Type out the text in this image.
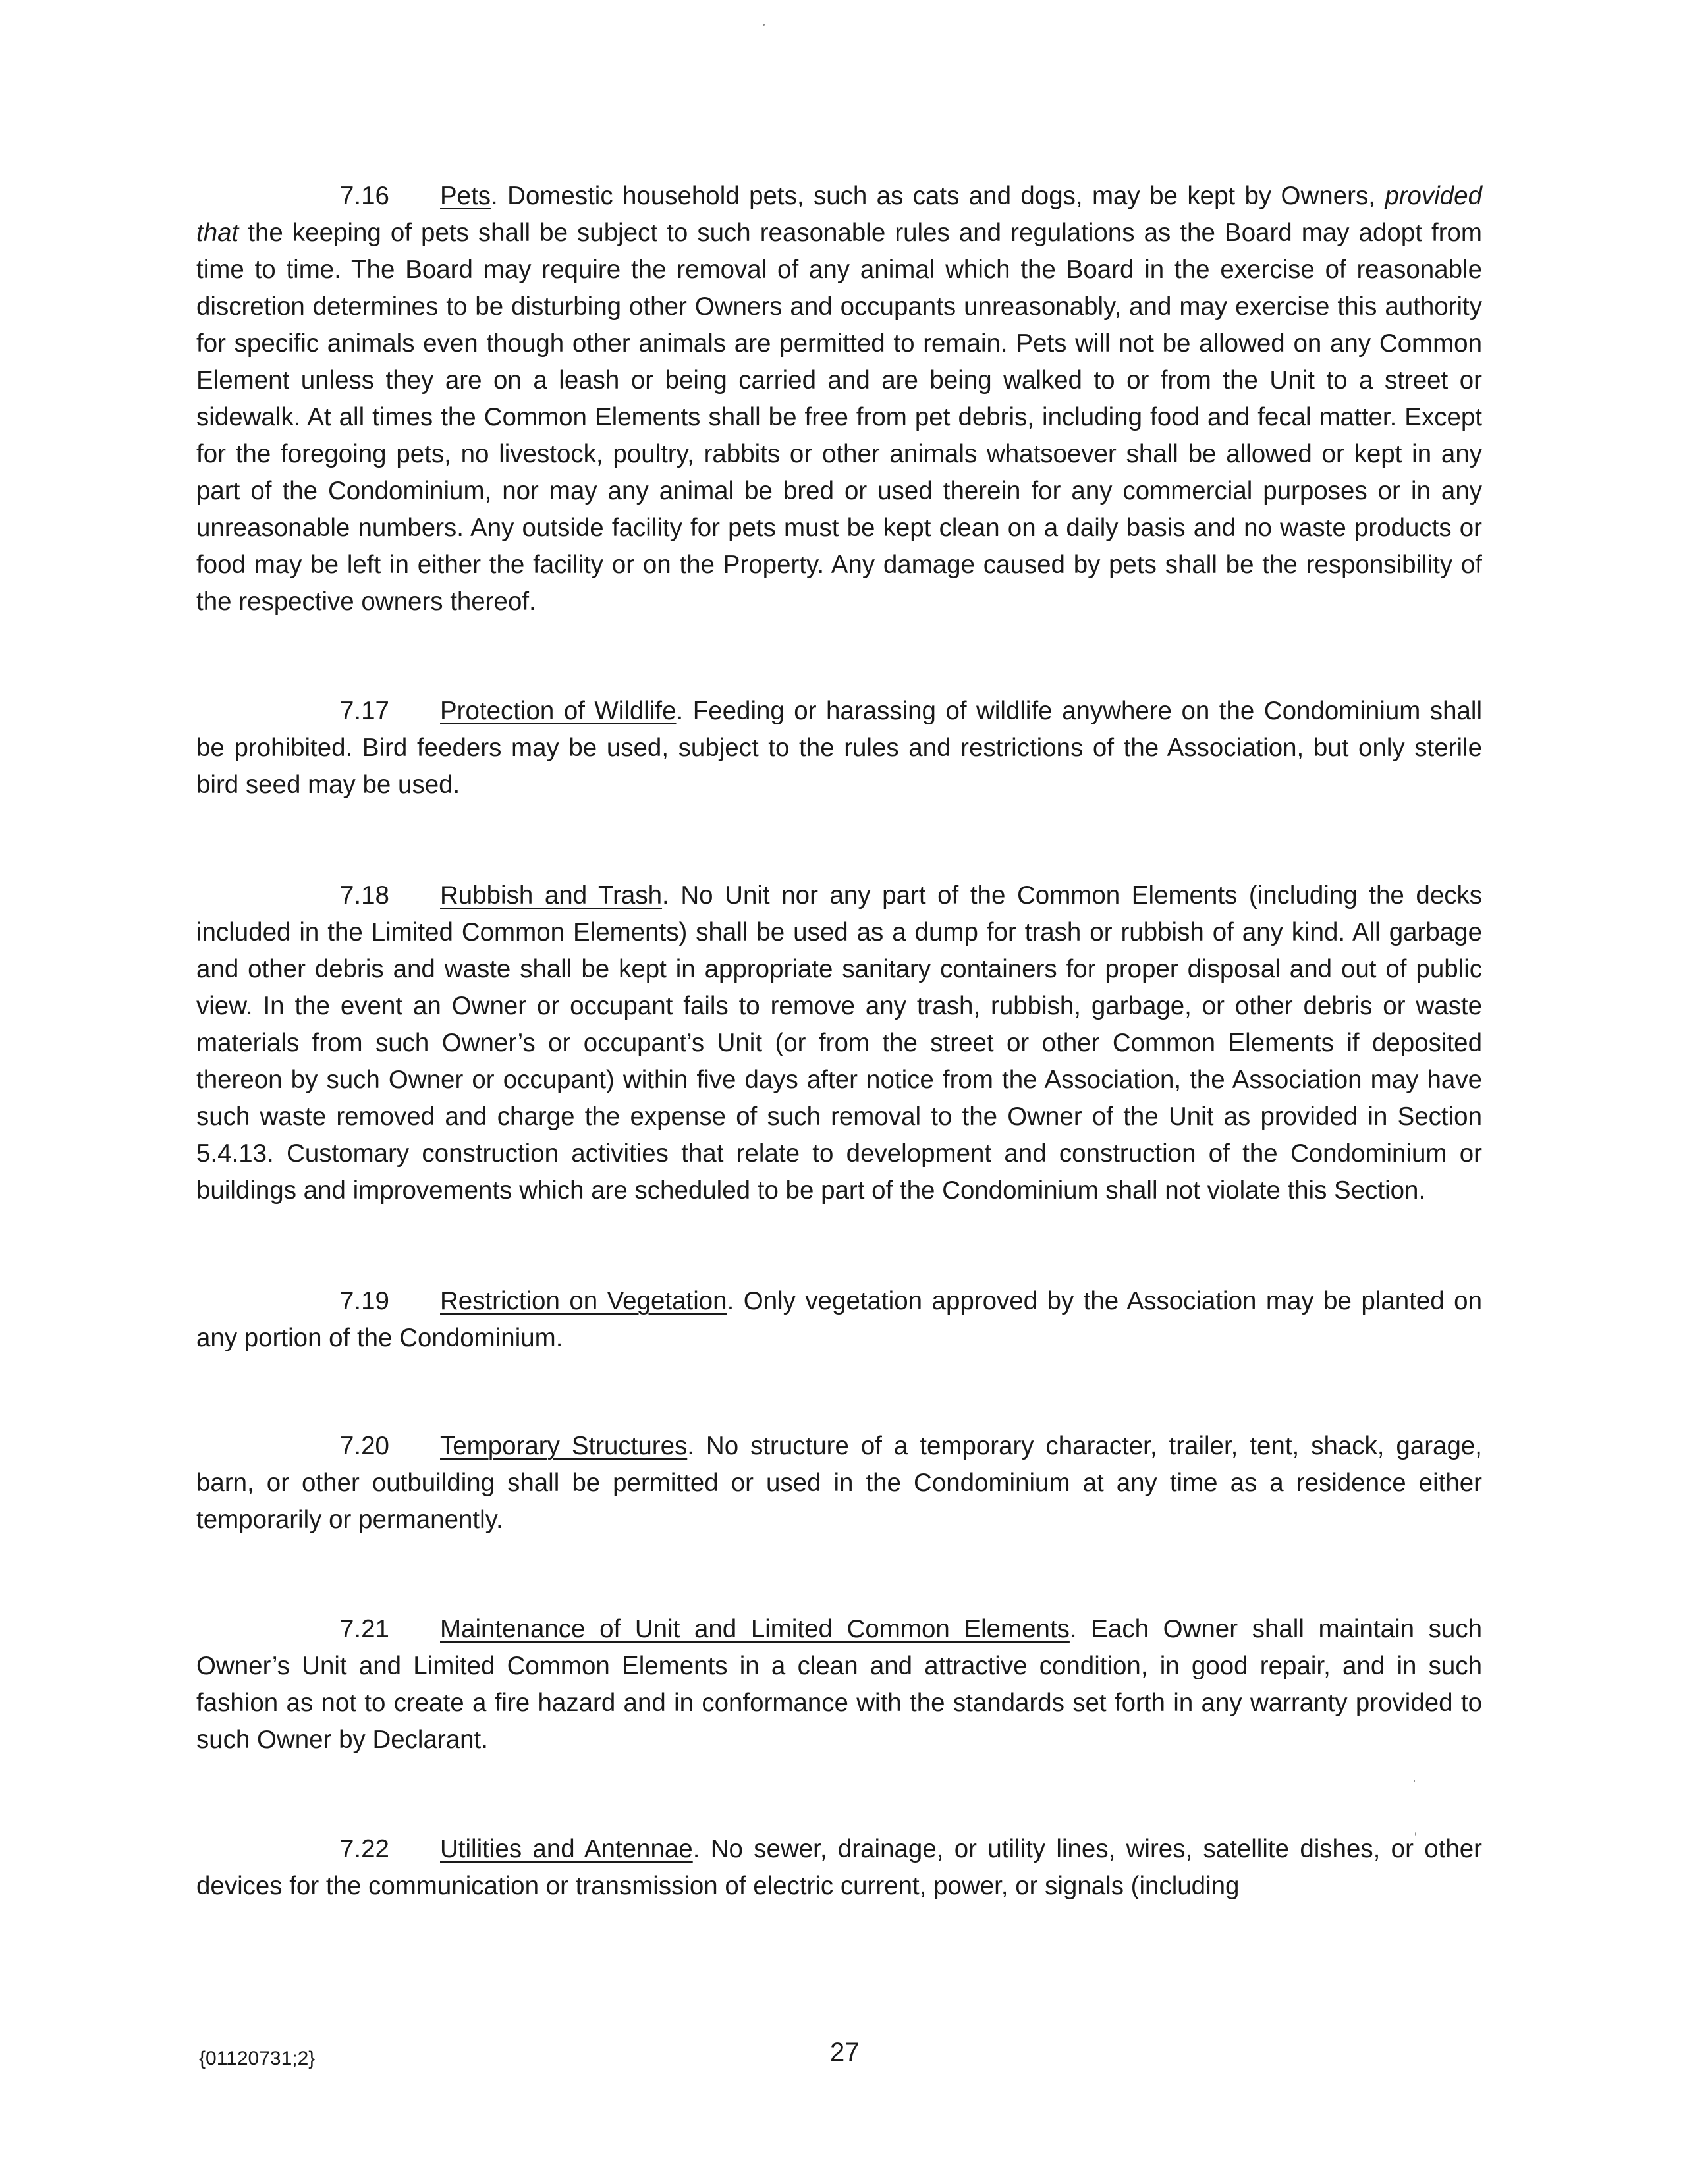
7.16 Pets. Domestic household pets, such as cats and dogs, may be kept by Owners, provided that the keeping of pets shall be subject to such reasonable rules and regulations as the Board may adopt from time to time. The Board may require the removal of any animal which the Board in the exercise of reasonable discretion determines to be disturbing other Owners and occupants unreasonably, and may exercise this authority for specific animals even though other animals are permitted to remain. Pets will not be allowed on any Common Element unless they are on a leash or being carried and are being walked to or from the Unit to a street or sidewalk. At all times the Common Elements shall be free from pet debris, including food and fecal matter. Except for the foregoing pets, no livestock, poultry, rabbits or other animals whatsoever shall be allowed or kept in any part of the Condominium, nor may any animal be bred or used therein for any commercial purposes or in any unreasonable numbers. Any outside facility for pets must be kept clean on a daily basis and no waste products or food may be left in either the facility or on the Property. Any damage caused by pets shall be the responsibility of the respective owners thereof.

7.17 Protection of Wildlife. Feeding or harassing of wildlife anywhere on the Condominium shall be prohibited. Bird feeders may be used, subject to the rules and restrictions of the Association, but only sterile bird seed may be used.

7.18 Rubbish and Trash. No Unit nor any part of the Common Elements (including the decks included in the Limited Common Elements) shall be used as a dump for trash or rubbish of any kind. All garbage and other debris and waste shall be kept in appropriate sanitary containers for proper disposal and out of public view. In the event an Owner or occupant fails to remove any trash, rubbish, garbage, or other debris or waste materials from such Owner’s or occupant’s Unit (or from the street or other Common Elements if deposited thereon by such Owner or occupant) within five days after notice from the Association, the Association may have such waste removed and charge the expense of such removal to the Owner of the Unit as provided in Section 5.4.13. Customary construction activities that relate to development and construction of the Condominium or buildings and improvements which are scheduled to be part of the Condominium shall not violate this Section.

7.19 Restriction on Vegetation. Only vegetation approved by the Association may be planted on any portion of the Condominium.

7.20 Temporary Structures. No structure of a temporary character, trailer, tent, shack, garage, barn, or other outbuilding shall be permitted or used in the Condominium at any time as a residence either temporarily or permanently.

7.21 Maintenance of Unit and Limited Common Elements. Each Owner shall maintain such Owner’s Unit and Limited Common Elements in a clean and attractive condition, in good repair, and in such fashion as not to create a fire hazard and in conformance with the standards set forth in any warranty provided to such Owner by Declarant.

7.22 Utilities and Antennae. No sewer, drainage, or utility lines, wires, satellite dishes, or other devices for the communication or transmission of electric current, power, or signals (including

{01120731;2}	27
